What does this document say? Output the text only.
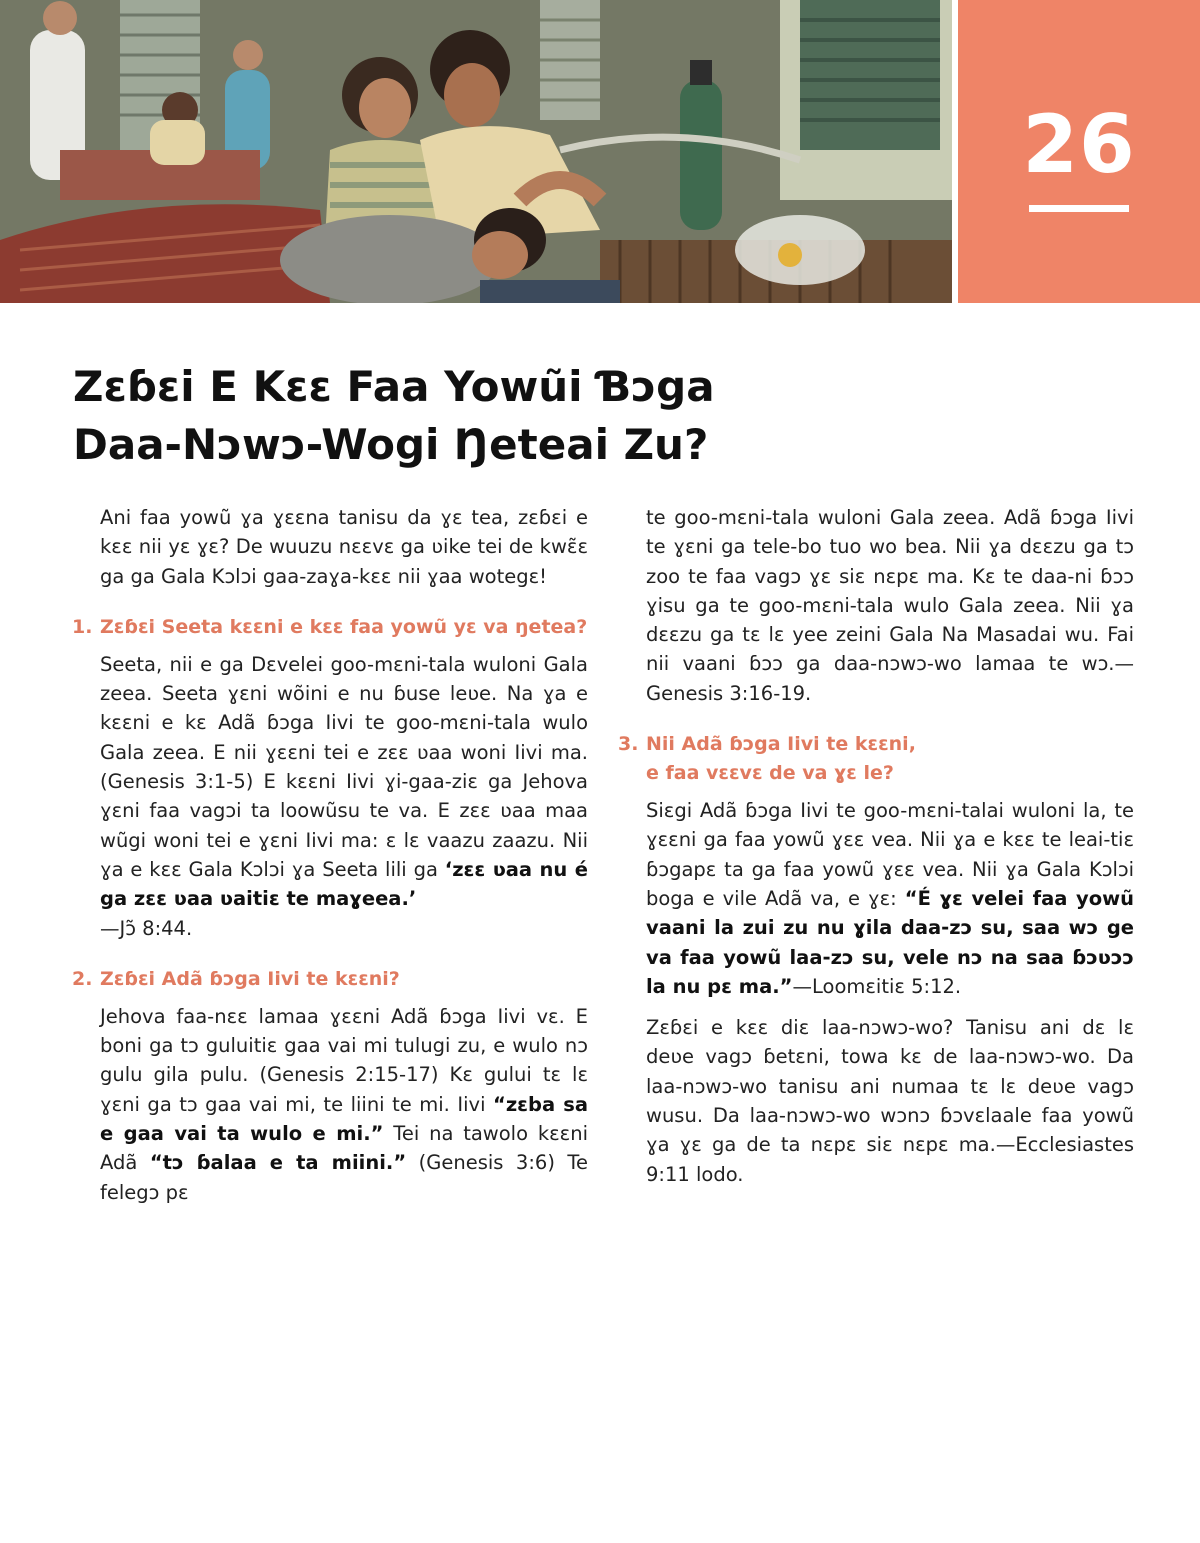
26
Zɛɓɛi E Kɛɛ Faa Yowũi Ɓɔga
Daa-Nɔwɔ-Wogi Ŋeteai Zu?

Ani faa yowũ ɣa ɣɛɛna tanisu da ɣɛ tea, zɛɓɛi e kɛɛ nii yɛ ɣɛ? De wuuzu nɛɛvɛ ga ʋike tei de kwɛ̃ɛ ga ga Gala Kɔlɔi gaa-zaɣa-kɛɛ nii ɣaa wotegɛ!

1. Zɛɓɛi Seeta kɛɛni e kɛɛ faa yowũ yɛ va ŋetea?

Seeta, nii e ga Dɛvelei goo-mɛni-tala wuloni Gala zeea. Seeta ɣɛni wõini e nu ɓuse leʋe. Na ɣa e kɛɛni e kɛ Adã ɓɔga Iivi te goo-mɛni-tala wulo Gala zeea. E nii ɣɛɛni tei e zɛɛ ʋaa woni Iivi ma. (Genesis 3:1-5) E kɛɛni Iivi ɣi-gaa-ziɛ ga Jehova ɣɛni faa vagɔi ta loowũsu te va. E zɛɛ ʋaa maa wũgi woni tei e ɣɛni Iivi ma: ɛ lɛ vaazu zaazu. Nii ɣa e kɛɛ Gala Kɔlɔi ɣa Seeta lili ga ‘zɛɛ ʋaa nu é ga zɛɛ ʋaa ʋaitiɛ te maɣeea.’
—Jɔ̃ 8:44.

2. Zɛɓɛi Adã ɓɔga Iivi te kɛɛni?

Jehova faa-nɛɛ lamaa ɣɛɛni Adã ɓɔga Iivi vɛ. E boni ga tɔ guluitiɛ gaa vai mi tulugi zu, e wulo nɔ gulu gila pulu. (Genesis 2:15-17) Kɛ gului tɛ lɛ ɣɛni ga tɔ gaa vai mi, te liini te mi. Iivi “zɛba sa e gaa vai ta wulo e mi.” Tei na tawolo kɛɛni Adã “tɔ ɓalaa e ta miini.” (Genesis 3:6) Te felegɔ pɛ

te goo-mɛni-tala wuloni Gala zeea. Adã ɓɔga Iivi te ɣɛni ga tele-bo tuo wo bea. Nii ɣa dɛɛzu ga tɔ zoo te faa vagɔ ɣɛ siɛ nɛpɛ ma. Kɛ te daa-ni ɓɔɔ ɣisu ga te goo-mɛni-tala wulo Gala zeea. Nii ɣa dɛɛzu ga tɛ lɛ yee zeini Gala Na Masadai wu. Fai nii vaani ɓɔɔ ga daa-nɔwɔ-wo lamaa te wɔ.—Genesis 3:16-19.

3. Nii Adã ɓɔga Iivi te kɛɛni,
e faa vɛɛvɛ de va ɣɛ le?

Siɛgi Adã ɓɔga Iivi te goo-mɛni-talai wuloni la, te ɣɛɛni ga faa yowũ ɣɛɛ vea. Nii ɣa e kɛɛ te leai-tiɛ ɓɔgapɛ ta ga faa yowũ ɣɛɛ vea. Nii ɣa Gala Kɔlɔi boga e vile Adã va, e ɣɛ: “É ɣɛ velei faa yowũ vaani la zui zu nu ɣila daa-zɔ su, saa wɔ ge va faa yowũ laa-zɔ su, vele nɔ na saa ɓɔʋɔɔ la nu pɛ ma.”—Loomɛitiɛ 5:12.

Zɛɓɛi e kɛɛ diɛ laa-nɔwɔ-wo? Tanisu ani dɛ lɛ deʋe vagɔ ɓetɛni, towa kɛ de laa-nɔwɔ-wo. Da laa-nɔwɔ-wo tanisu ani numaa tɛ lɛ deʋe vagɔ wusu. Da laa-nɔwɔ-wo wɔnɔ ɓɔvɛlaale faa yowũ ɣa ɣɛ ga de ta nɛpɛ siɛ nɛpɛ ma.—Ecclesiastes 9:11 lodo.
